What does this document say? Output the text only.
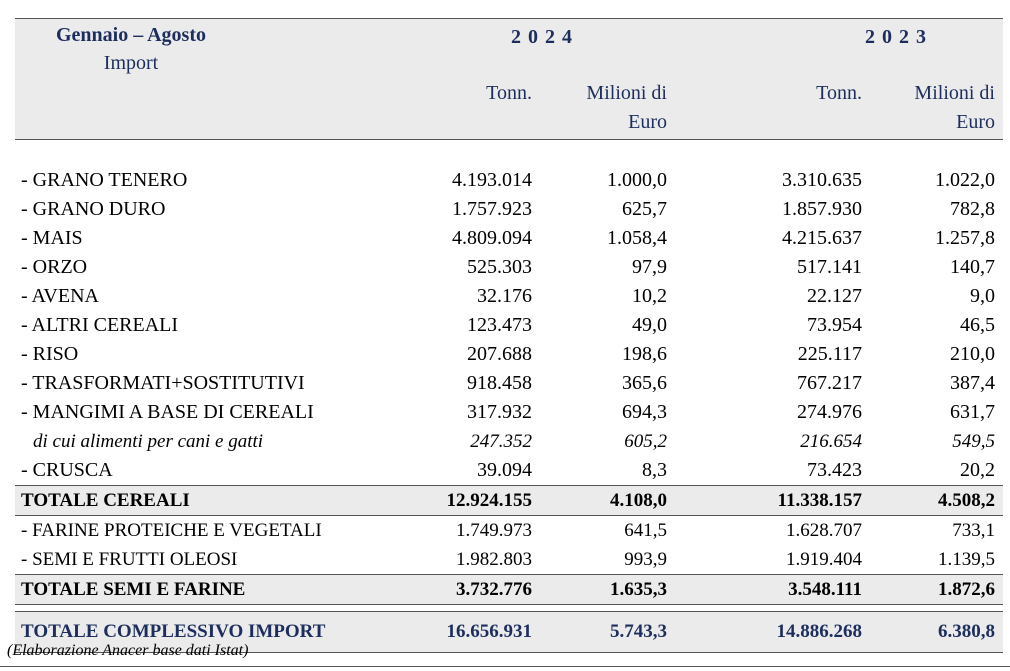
Gennaio – Agosto	2024		2023	

Import				

	Tonn.	Milioni di	Tonn.	Milioni di
		Euro		Euro

- GRANO TENERO	4.193.014	1.000,0	3.310.635	1.022,0
- GRANO DURO	1.757.923	625,7	1.857.930	782,8
- MAIS	4.809.094	1.058,4	4.215.637	1.257,8
- ORZO	525.303	97,9	517.141	140,7
- AVENA	32.176	10,2	22.127	9,0
- ALTRI CEREALI	123.473	49,0	73.954	46,5
- RISO	207.688	198,6	225.117	210,0
- TRASFORMATI+SOSTITUTIVI	918.458	365,6	767.217	387,4
- MANGIMI A BASE DI CEREALI	317.932	694,3	274.976	631,7
di cui alimenti per cani e gatti	247.352	605,2	216.654	549,5
- CRUSCA	39.094	8,3	73.423	20,2
TOTALE CEREALI	12.924.155	4.108,0	11.338.157	4.508,2
- FARINE PROTEICHE E VEGETALI	1.749.973	641,5	1.628.707	733,1
- SEMI E FRUTTI OLEOSI	1.982.803	993,9	1.919.404	1.139,5
TOTALE SEMI E FARINE	3.732.776	1.635,3	3.548.111	1.872,6

TOTALE COMPLESSIVO IMPORT	16.656.931	5.743,3	14.886.268	6.380,8
(Elaborazione Anacer base dati Istat)
